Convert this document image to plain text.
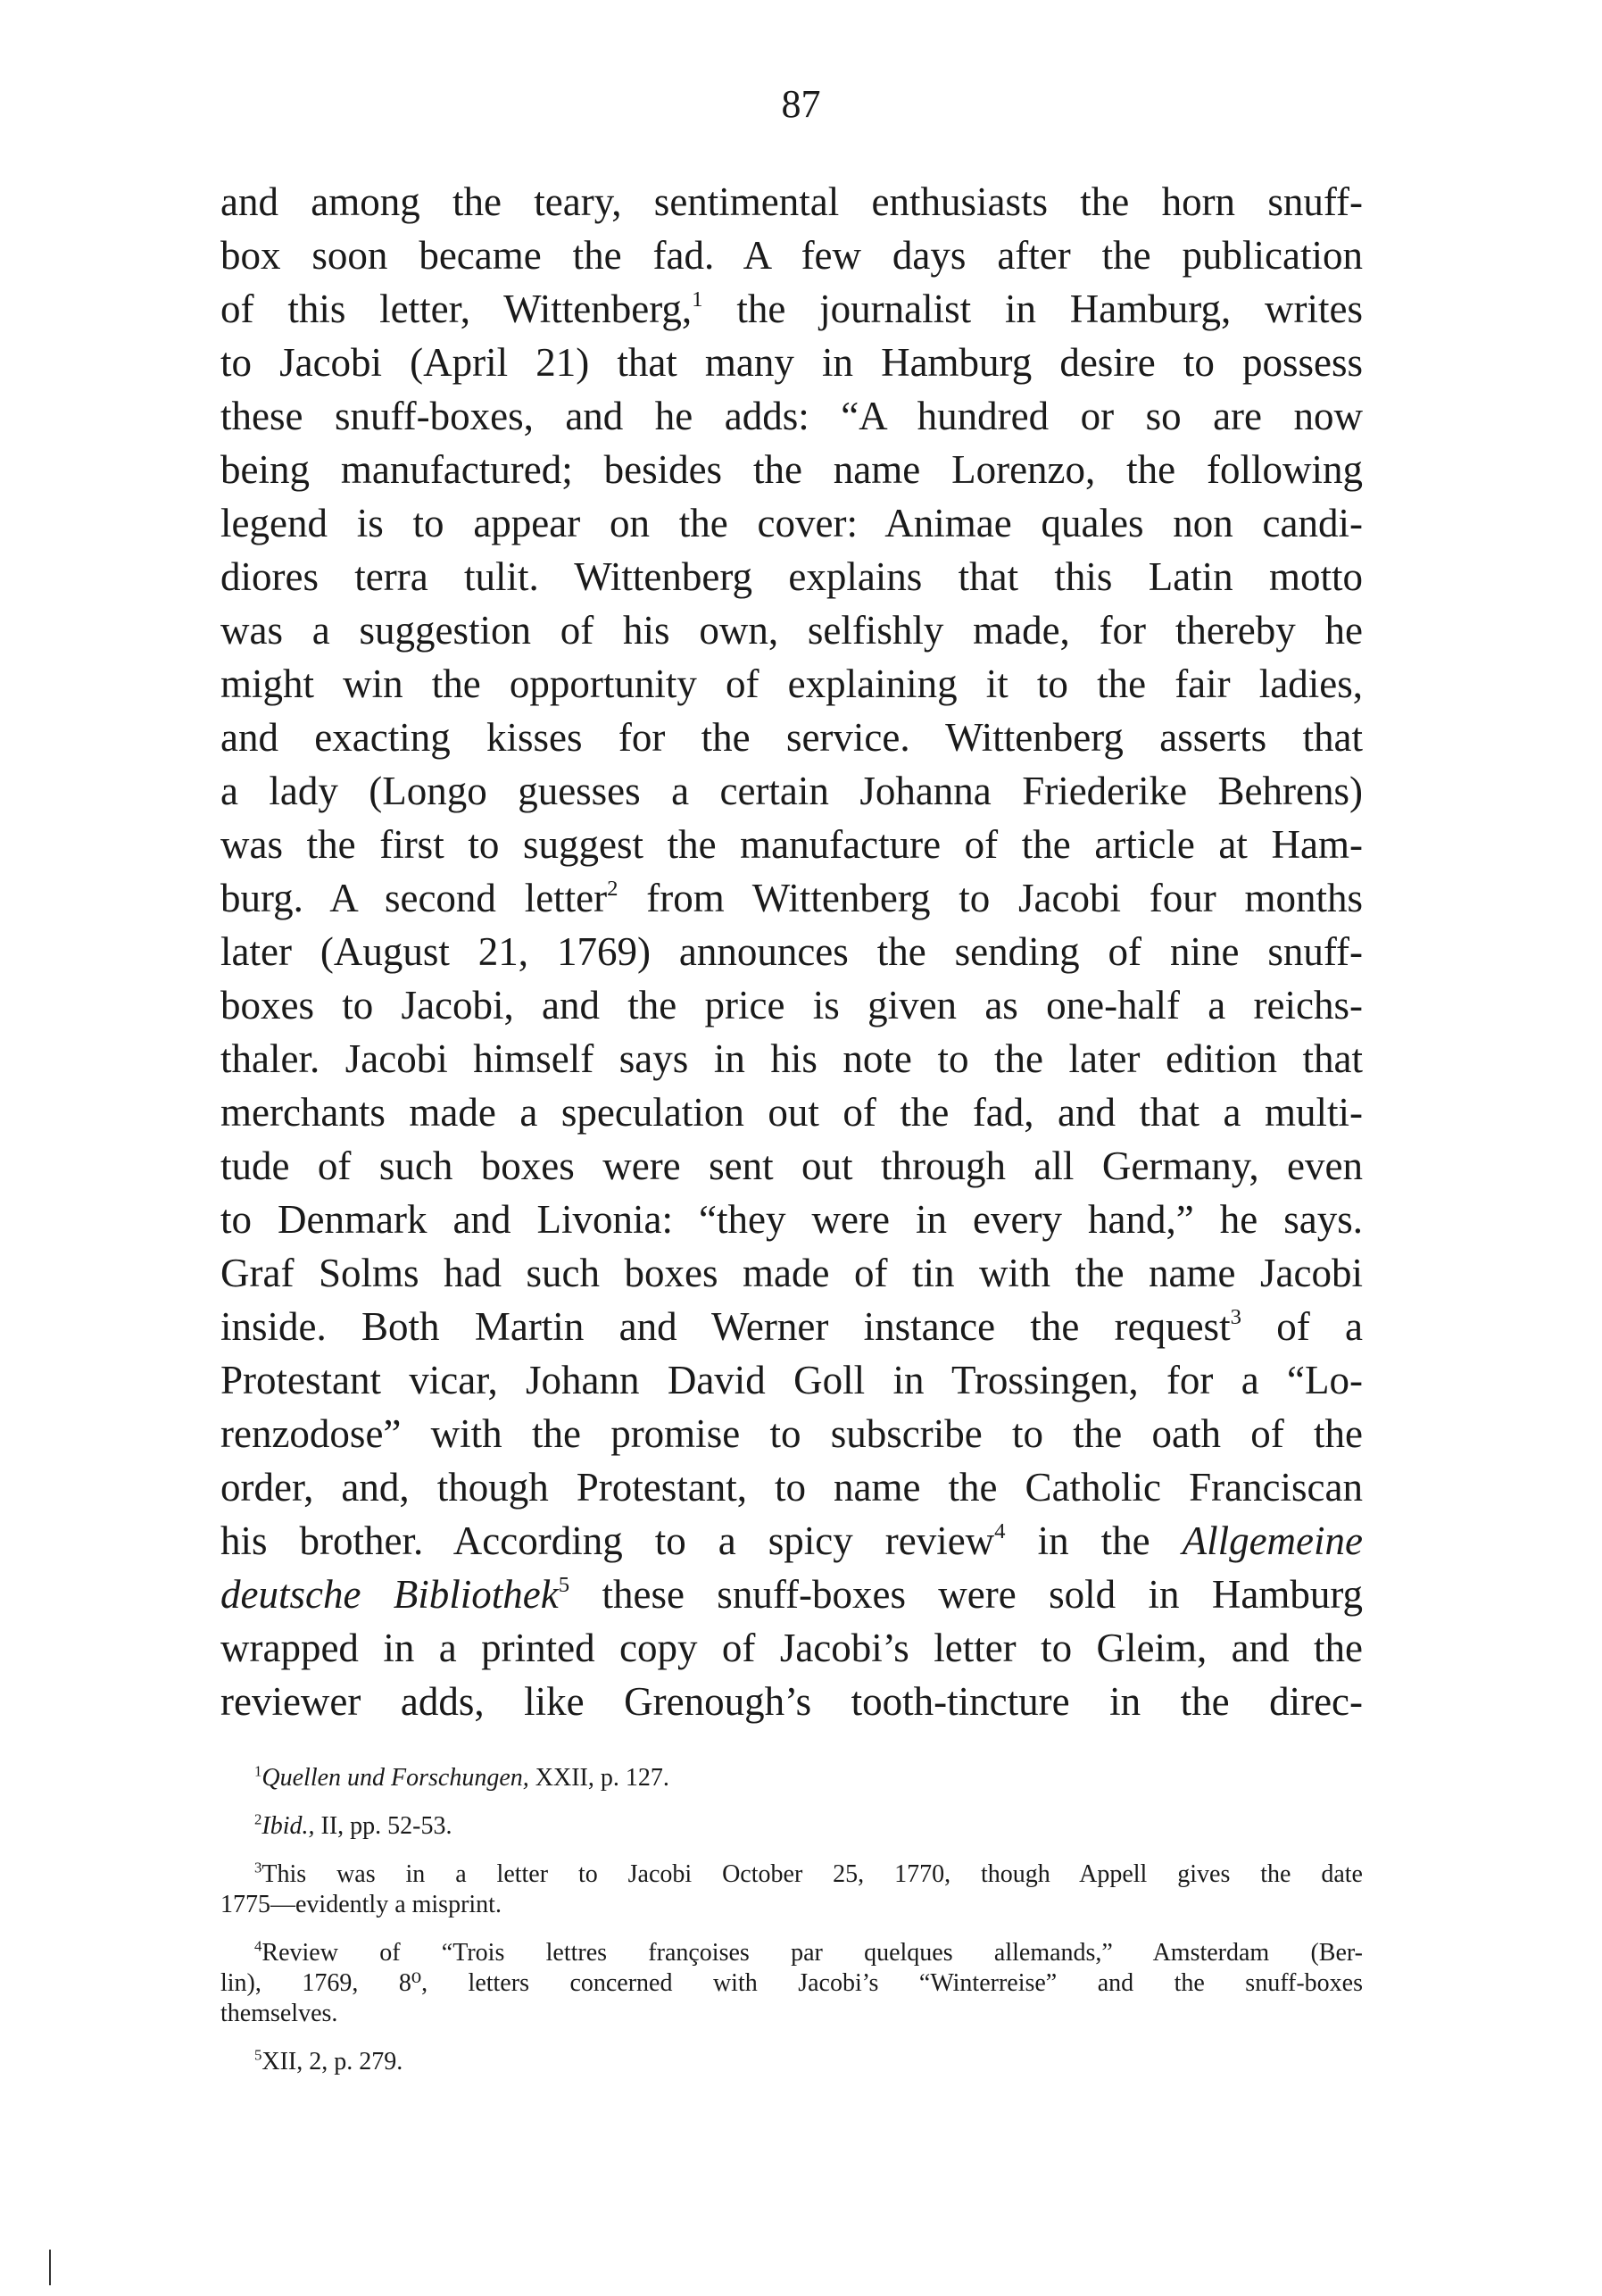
87
and among the teary, sentimental enthusiasts the horn snuff-
box soon became the fad. A few days after the publication
of this letter, Wittenberg,$^1$ the journalist in Hamburg, writes
to Jacobi (April 21) that many in Hamburg desire to possess
these snuff-boxes, and he adds: “A hundred or so are now
being manufactured; besides the name Lorenzo, the following
legend is to appear on the cover: Animae quales non candi-
diores terra tulit. Wittenberg explains that this Latin motto
was a suggestion of his own, selfishly made, for thereby he
might win the opportunity of explaining it to the fair ladies,
and exacting kisses for the service. Wittenberg asserts that
a lady (Longo guesses a certain Johanna Friederike Behrens)
was the first to suggest the manufacture of the article at Ham-
burg. A second letter$^2$ from Wittenberg to Jacobi four months
later (August 21, 1769) announces the sending of nine snuff-
boxes to Jacobi, and the price is given as one-half a reichs-
thaler. Jacobi himself says in his note to the later edition that
merchants made a speculation out of the fad, and that a multi-
tude of such boxes were sent out through all Germany, even
to Denmark and Livonia: “they were in every hand,” he says.
Graf Solms had such boxes made of tin with the name Jacobi
inside. Both Martin and Werner instance the request$^3$ of a
Protestant vicar, Johann David Goll in Trossingen, for a “Lo-
renzodose” with the promise to subscribe to the oath of the
order, and, though Protestant, to name the Catholic Franciscan
his brother. According to a spicy review$^4$ in the Allgemeine
deutsche Bibliothek$^5$ these snuff-boxes were sold in Hamburg
wrapped in a printed copy of Jacobi’s letter to Gleim, and the
reviewer adds, like Grenough’s tooth-tincture in the direc-
$^1$Quellen und Forschungen, XXII, p. 127.
$^2$Ibid., II, pp. 52-53.
$^3$This was in a letter to Jacobi October 25, 1770, though Appell gives the date
1775—evidently a misprint.
$^4$Review of “Trois lettres françoises par quelques allemands,” Amsterdam (Ber-
lin), 1769, 8⁰, letters concerned with Jacobi’s “Winterreise” and the snuff-boxes
themselves.
$^5$XII, 2, p. 279.
